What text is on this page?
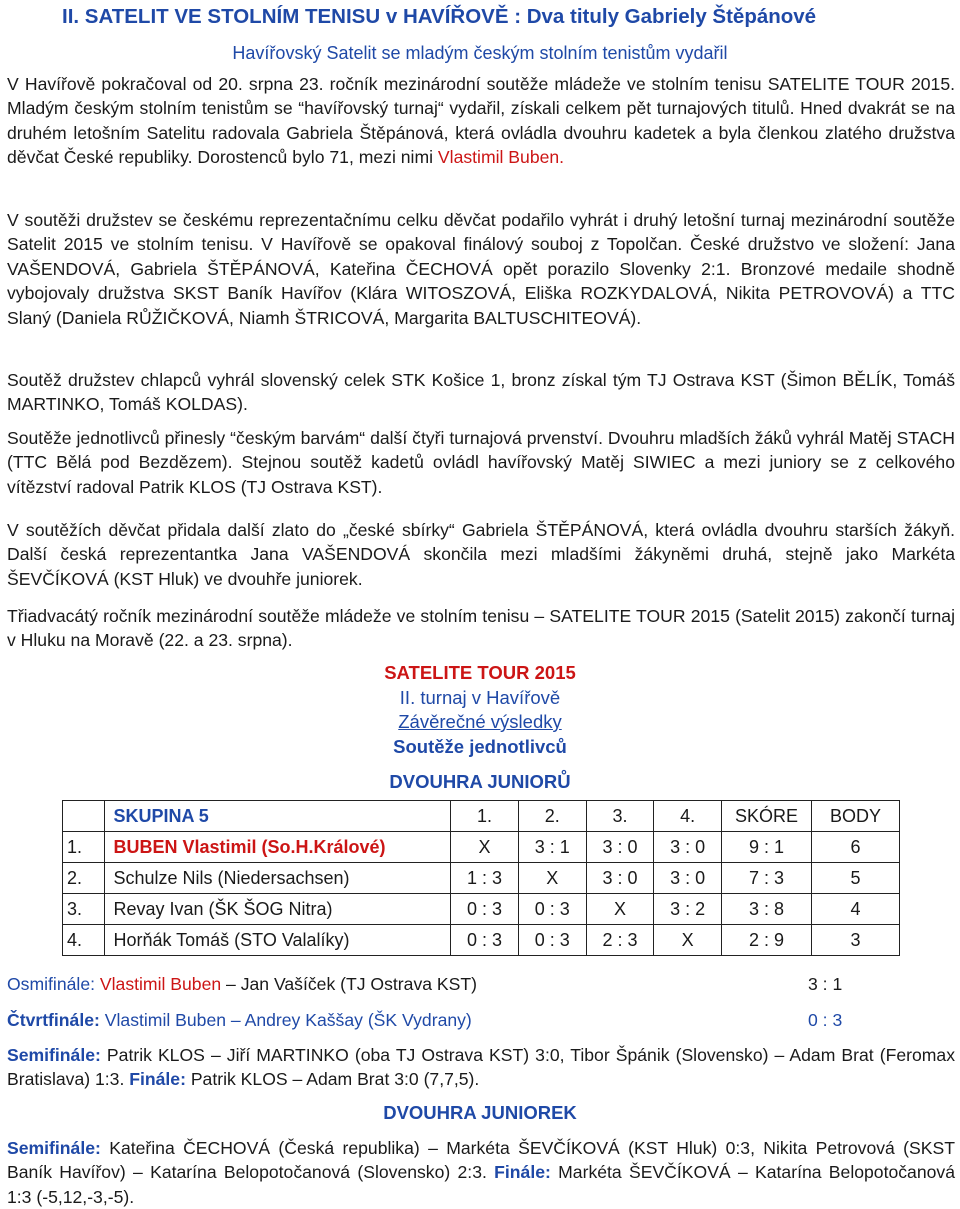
II. SATELIT VE STOLNÍM TENISU v HAVÍŘOVĚ : Dva tituly Gabriely Štěpánové
Havířovský Satelit se mladým českým stolním tenistům vydařil
V Havířově pokračoval od 20. srpna 23. ročník mezinárodní soutěže mládeže ve stolním tenisu SATELITE TOUR 2015. Mladým českým stolním tenistům se “havířovský turnaj“ vydařil, získali celkem pět turnajových titulů. Hned dvakrát se na druhém letošním Satelitu radovala Gabriela Štěpánová, která ovládla dvouhru kadetek a byla členkou zlatého družstva děvčat České republiky. Dorostenců bylo 71, mezi nimi Vlastimil Buben.
V soutěži družstev se českému reprezentačnímu celku děvčat podařilo vyhrát i druhý letošní turnaj mezinárodní soutěže Satelit 2015 ve stolním tenisu. V Havířově se opakoval finálový souboj z Topolčan. České družstvo ve složení: Jana VAŠENDOVÁ, Gabriela ŠTĚPÁNOVÁ, Kateřina ČECHOVÁ opět porazilo Slovenky 2:1. Bronzové medaile shodně vybojovaly družstva SKST Baník Havířov (Klára WITOSZOVÁ, Eliška ROZKYDALOVÁ, Nikita PETROVOVÁ) a TTC Slaný (Daniela RŮŽIČKOVÁ, Niamh ŠTRICOVÁ, Margarita BALTUSCHITEOVÁ).
Soutěž družstev chlapců vyhrál slovenský celek STK Košice 1, bronz získal tým TJ Ostrava KST (Šimon BĚLÍK, Tomáš MARTINKO, Tomáš KOLDAS).
Soutěže jednotlivců přinesly “českým barvám“ další čtyři turnajová prvenství. Dvouhru mladších žáků vyhrál Matěj STACH (TTC Bělá pod Bezdězem). Stejnou soutěž kadetů ovládl havířovský Matěj SIWIEC a mezi juniory se z celkového vítězství radoval Patrik KLOS (TJ Ostrava KST).
V soutěžích děvčat přidala další zlato do „české sbírky“ Gabriela ŠTĚPÁNOVÁ, která ovládla dvouhru starších žákyň. Další česká reprezentantka Jana VAŠENDOVÁ skončila mezi mladšími žákyněmi druhá, stejně jako Markéta ŠEVČÍKOVÁ (KST Hluk) ve dvouhře juniorek.
Třiadvacátý ročník mezinárodní soutěže mládeže ve stolním tenisu – SATELITE TOUR 2015 (Satelit 2015) zakončí turnaj v Hluku na Moravě (22. a 23. srpna).
SATELITE TOUR 2015
II. turnaj v Havířově
Závěrečné výsledky
Soutěže jednotlivců
DVOUHRA JUNIORŮ
	SKUPINA 5	1.	2.	3.	4.	SKÓRE	BODY
1.	BUBEN Vlastimil (So.H.Králové)	X	3 : 1	3 : 0	3 : 0	9 : 1	6
2.	Schulze Nils (Niedersachsen)	1 : 3	X	3 : 0	3 : 0	7 : 3	5
3.	Revay Ivan (ŠK ŠOG Nitra)	0 : 3	0 : 3	X	3 : 2	3 : 8	4
4.	Horňák Tomáš (STO Valalíky)	0 : 3	0 : 3	2 : 3	X	2 : 9	3
Osmifinále: Vlastimil Buben – Jan Vašíček (TJ Ostrava KST)	3 : 1
Čtvrtfinále: Vlastimil Buben – Andrey Kaššay (ŠK Vydrany)	0 : 3
Semifinále: Patrik KLOS – Jiří MARTINKO (oba TJ Ostrava KST) 3:0, Tibor Špánik (Slovensko) – Adam Brat (Feromax Bratislava) 1:3. Finále: Patrik KLOS – Adam Brat 3:0 (7,7,5).
DVOUHRA JUNIOREK
Semifinále: Kateřina ČECHOVÁ (Česká republika) – Markéta ŠEVČÍKOVÁ (KST Hluk) 0:3, Nikita Petrovová (SKST Baník Havířov) – Katarína Belopotočanová (Slovensko) 2:3. Finále: Markéta ŠEVČÍKOVÁ – Katarína Belopotočanová 1:3 (-5,12,-3,-5).
